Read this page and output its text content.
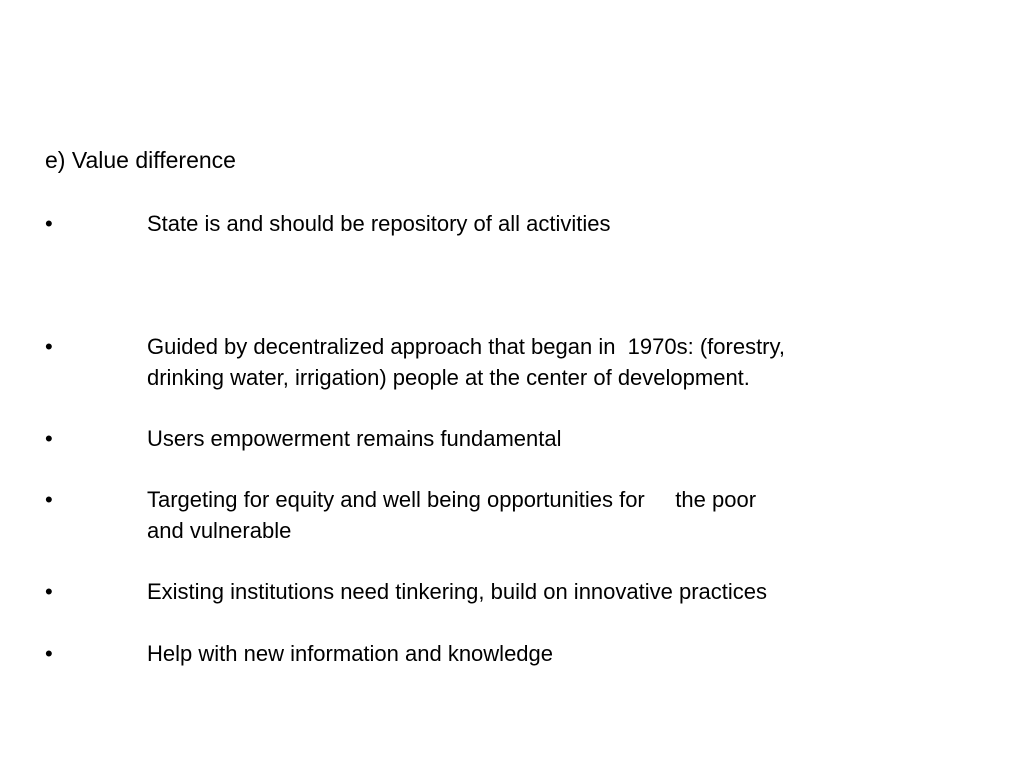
e) Value difference
•	State is and should be repository of all activities
•	Guided by decentralized approach that began in  1970s: (forestry,
drinking water, irrigation) people at the center of development.
•	Users empowerment remains fundamental
•	Targeting for equity and well being opportunities for     the poor
and vulnerable
•	Existing institutions need tinkering, build on innovative practices
•	Help with new information and knowledge
